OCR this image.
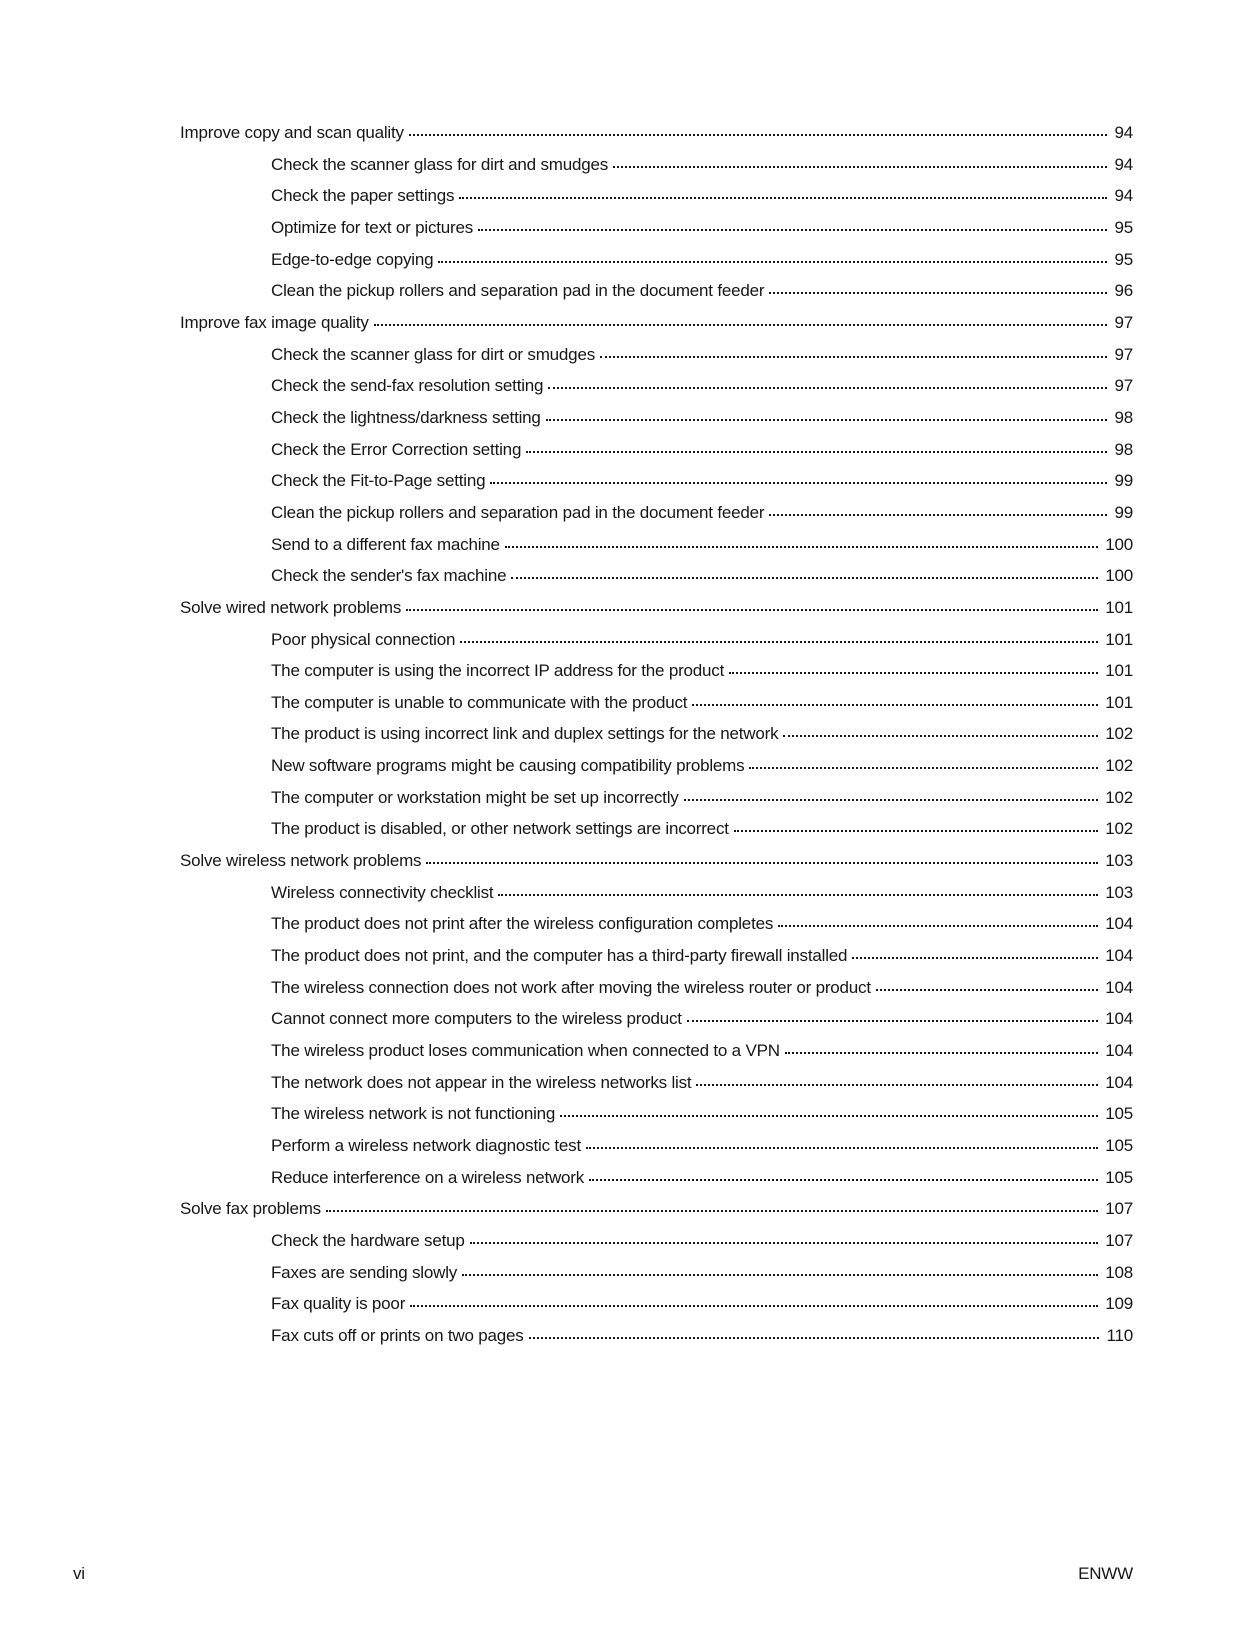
Improve copy and scan quality	94
Check the scanner glass for dirt and smudges	94
Check the paper settings	94
Optimize for text or pictures	95
Edge-to-edge copying	95
Clean the pickup rollers and separation pad in the document feeder	96
Improve fax image quality	97
Check the scanner glass for dirt or smudges	97
Check the send-fax resolution setting	97
Check the lightness/darkness setting	98
Check the Error Correction setting	98
Check the Fit-to-Page setting	99
Clean the pickup rollers and separation pad in the document feeder	99
Send to a different fax machine	100
Check the sender's fax machine	100
Solve wired network problems	101
Poor physical connection	101
The computer is using the incorrect IP address for the product	101
The computer is unable to communicate with the product	101
The product is using incorrect link and duplex settings for the network	102
New software programs might be causing compatibility problems	102
The computer or workstation might be set up incorrectly	102
The product is disabled, or other network settings are incorrect	102
Solve wireless network problems	103
Wireless connectivity checklist	103
The product does not print after the wireless configuration completes	104
The product does not print, and the computer has a third-party firewall installed	104
The wireless connection does not work after moving the wireless router or product	104
Cannot connect more computers to the wireless product	104
The wireless product loses communication when connected to a VPN	104
The network does not appear in the wireless networks list	104
The wireless network is not functioning	105
Perform a wireless network diagnostic test	105
Reduce interference on a wireless network	105
Solve fax problems	107
Check the hardware setup	107
Faxes are sending slowly	108
Fax quality is poor	109
Fax cuts off or prints on two pages	110
vi	ENWW
